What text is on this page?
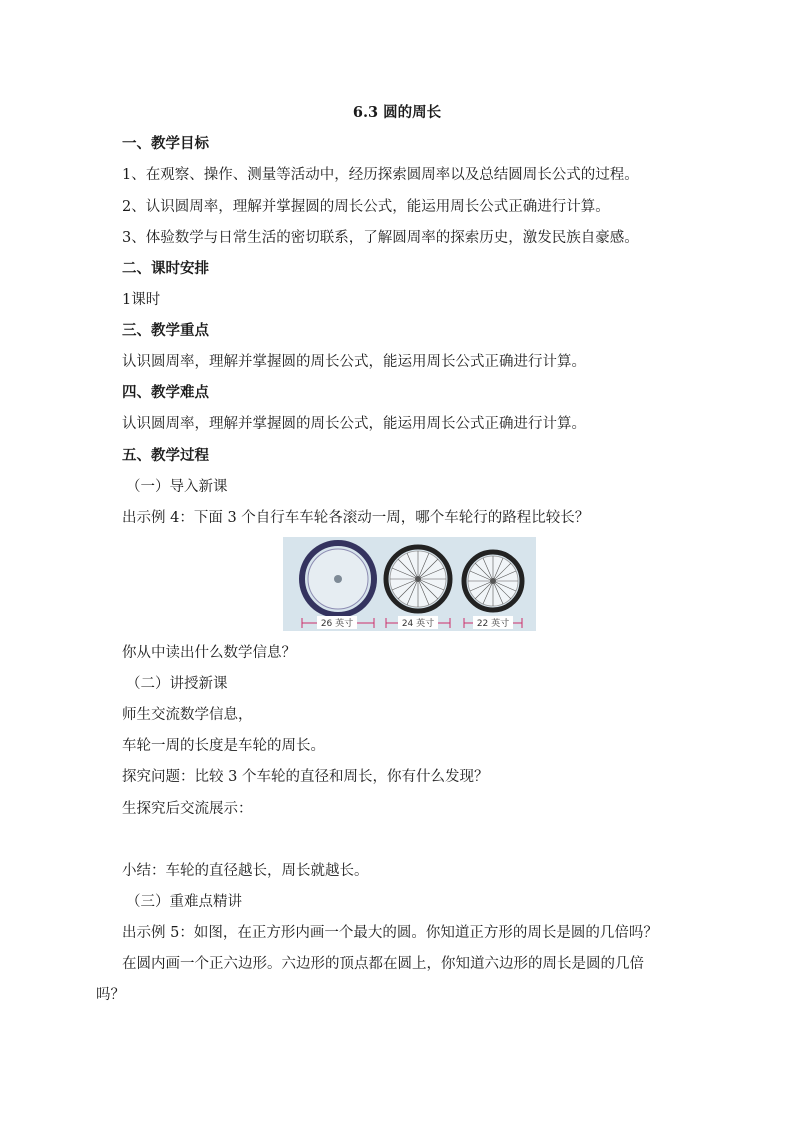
6.3 圆的周长
一、教学目标
1、在观察、操作、测量等活动中，经历探索圆周率以及总结圆周长公式的过程。
2、认识圆周率，理解并掌握圆的周长公式，能运用周长公式正确进行计算。
3、体验数学与日常生活的密切联系，了解圆周率的探索历史，激发民族自豪感。
二、课时安排
1课时
三、教学重点
认识圆周率，理解并掌握圆的周长公式，能运用周长公式正确进行计算。
四、教学难点
认识圆周率，理解并掌握圆的周长公式，能运用周长公式正确进行计算。
五、教学过程
（一）导入新课
出示例 4：下面 3 个自行车车轮各滚动一周，哪个车轮行的路程比较长？
26 英寸	24 英寸	22 英寸
你从中读出什么数学信息？
（二）讲授新课
师生交流数学信息，
车轮一周的长度是车轮的周长。
探究问题：比较 3 个车轮的直径和周长，你有什么发现？
生探究后交流展示：
小结：车轮的直径越长，周长就越长。
（三）重难点精讲
出示例 5：如图，在正方形内画一个最大的圆。你知道正方形的周长是圆的几倍吗？
在圆内画一个正六边形。六边形的顶点都在圆上，你知道六边形的周长是圆的几倍
吗？
